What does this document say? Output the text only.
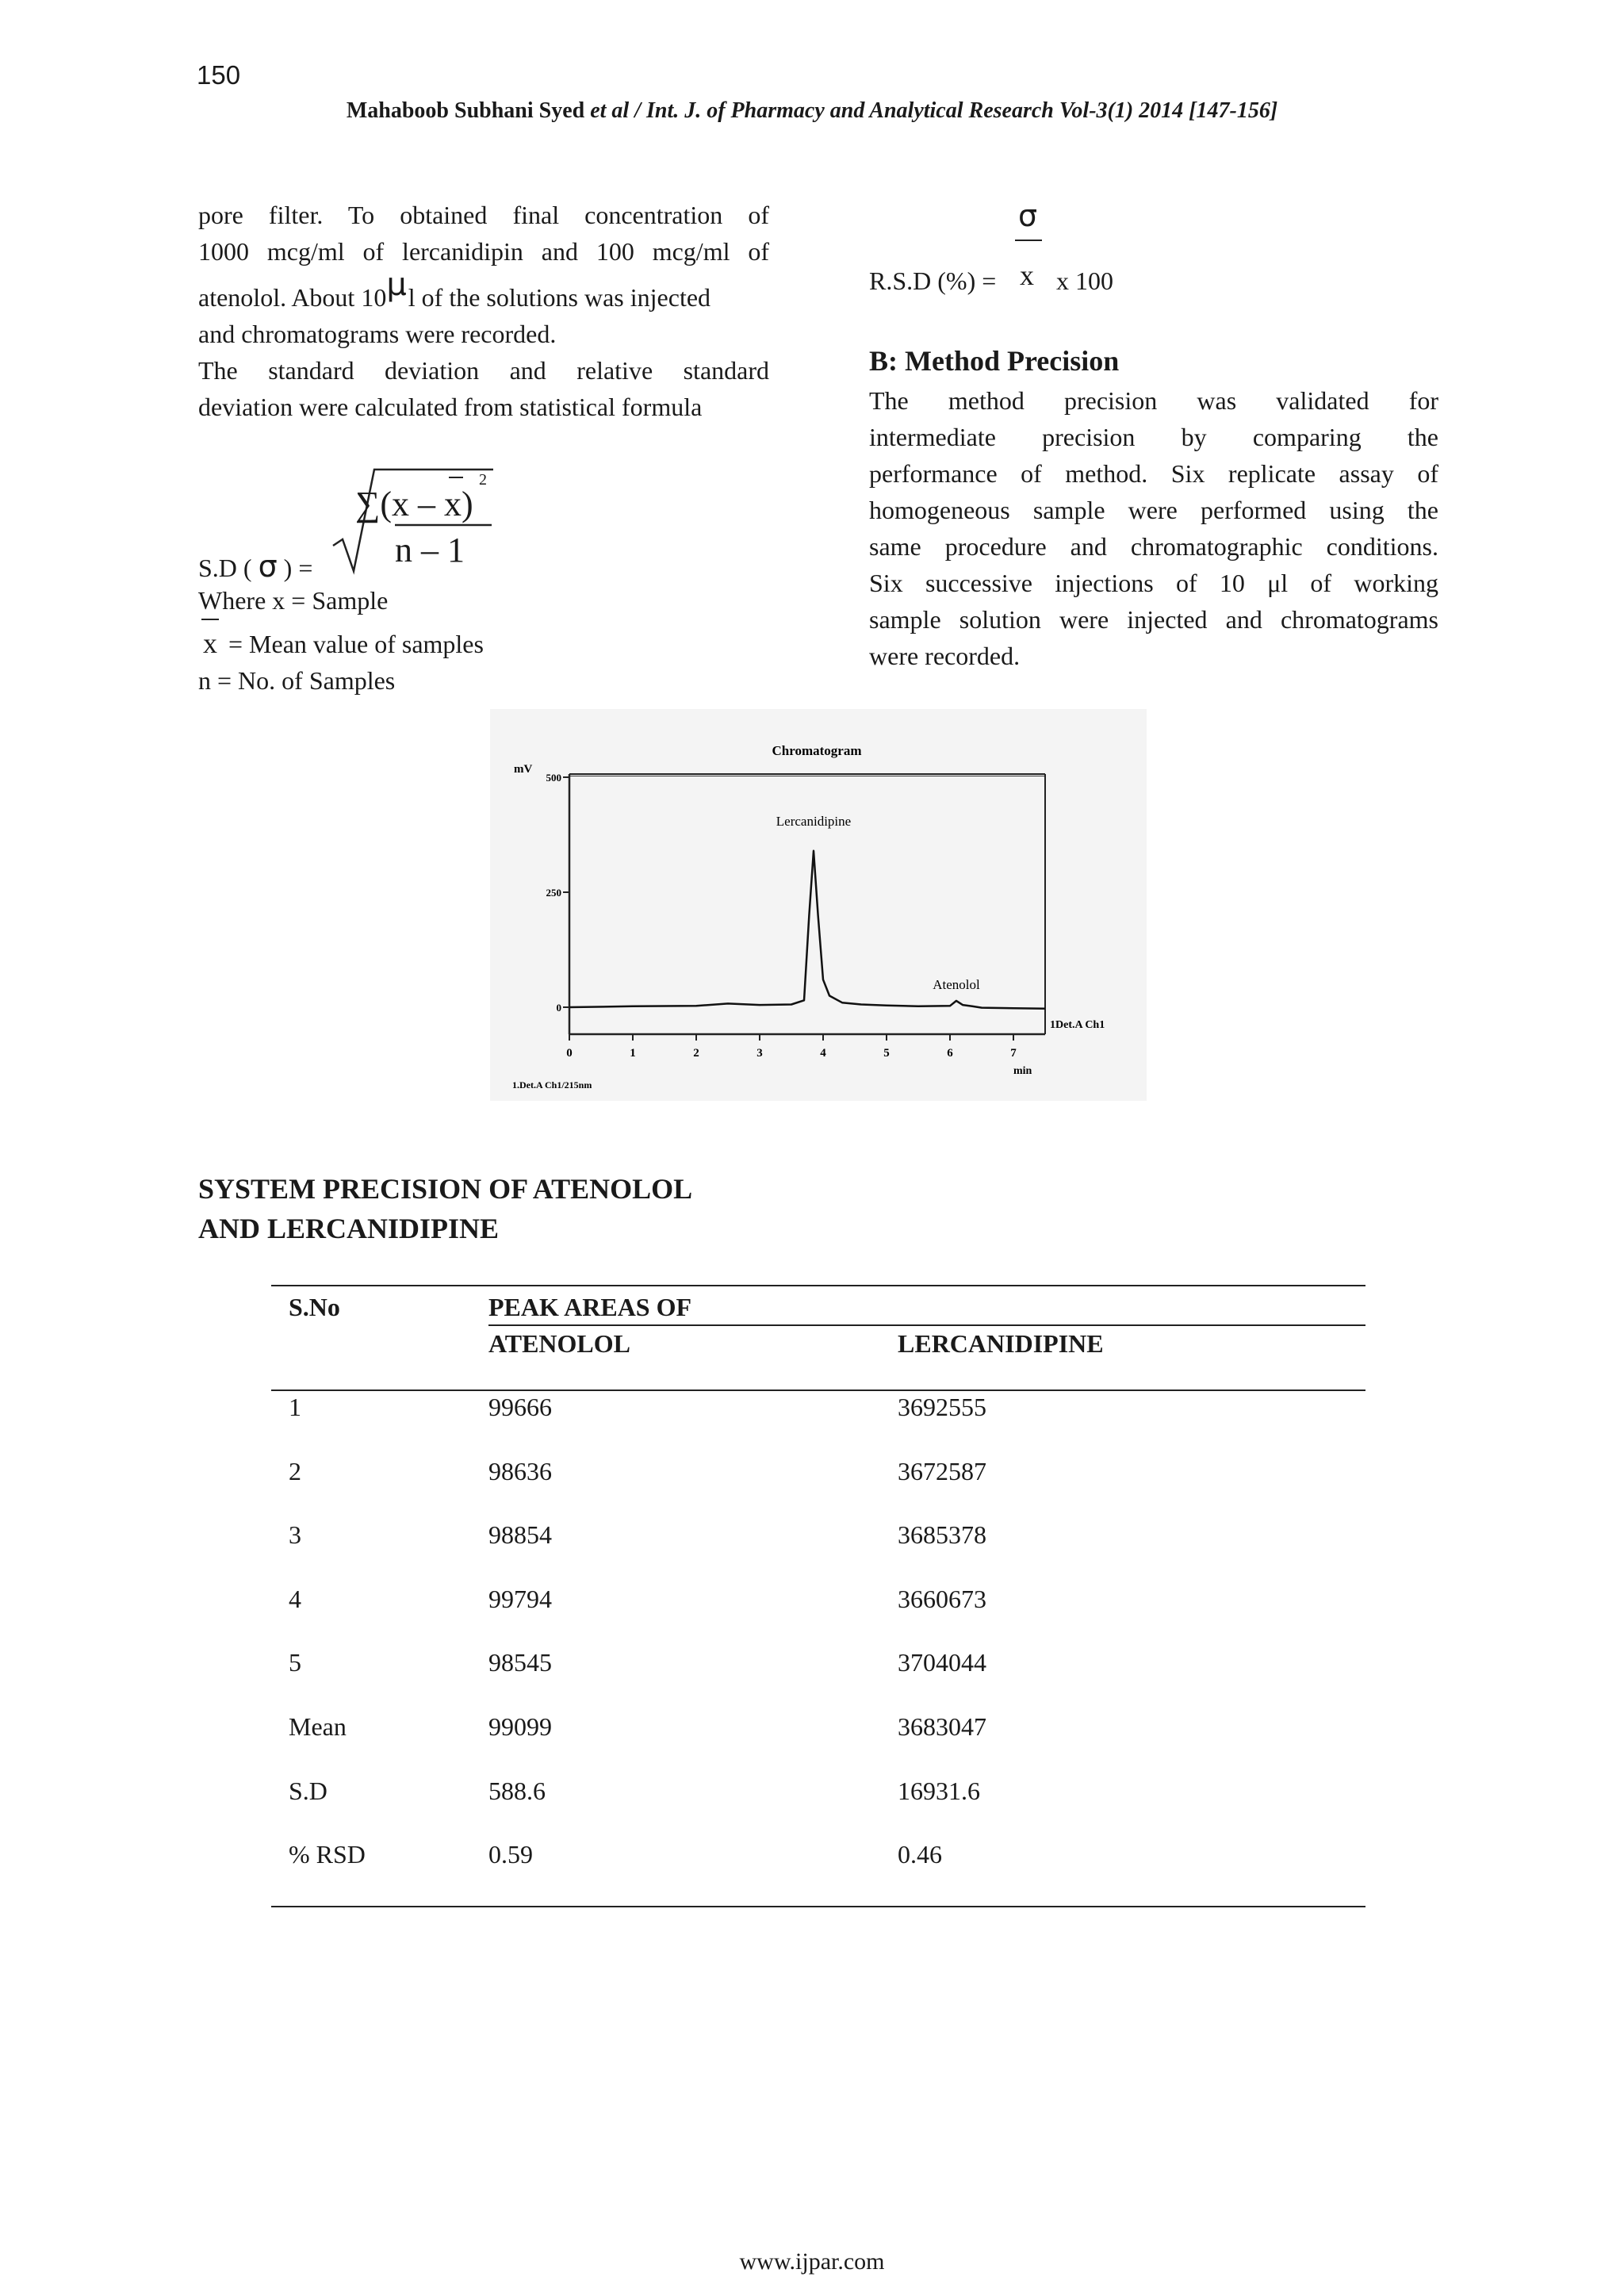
150
Mahaboob Subhani Syed et al / Int. J. of Pharmacy and Analytical Research Vol-3(1) 2014 [147-156]
pore filter. To obtained final concentration of
1000 mcg/ml of lercanidipin and 100 mcg/ml of
atenolol. About 10μl of the solutions was injected
and chromatograms were recorded.
The standard deviation and relative standard
deviation were calculated from statistical formula
∑(x – x)
2
n – 1
S.D ( σ ) =
Where x = Sample
x = Mean value of samples
n = No. of Samples
σ
R.S.D (%) = x x 100
B: Method Precision
The method precision was validated for
intermediate precision by comparing the
performance of method. Six replicate assay of
homogeneous sample were performed using the
same procedure and chromatographic conditions.
Six successive injections of 10 μl of working
sample solution were injected and chromatograms
were recorded.
Chromatogram
mV
min
1Det.A Ch1
1.Det.A Ch1/215nm
0
250
500
0	1	2	3	4	5	6	7
Lercanidipine
Atenolol
SYSTEM PRECISION OF ATENOLOL
AND LERCANIDIPINE
S.No	PEAK AREAS OF
ATENOLOL	LERCANIDIPINE
1	99666	3692555
2	98636	3672587
3	98854	3685378
4	99794	3660673
5	98545	3704044
Mean	99099	3683047
S.D	588.6	16931.6
% RSD	0.59	0.46
www.ijpar.com
